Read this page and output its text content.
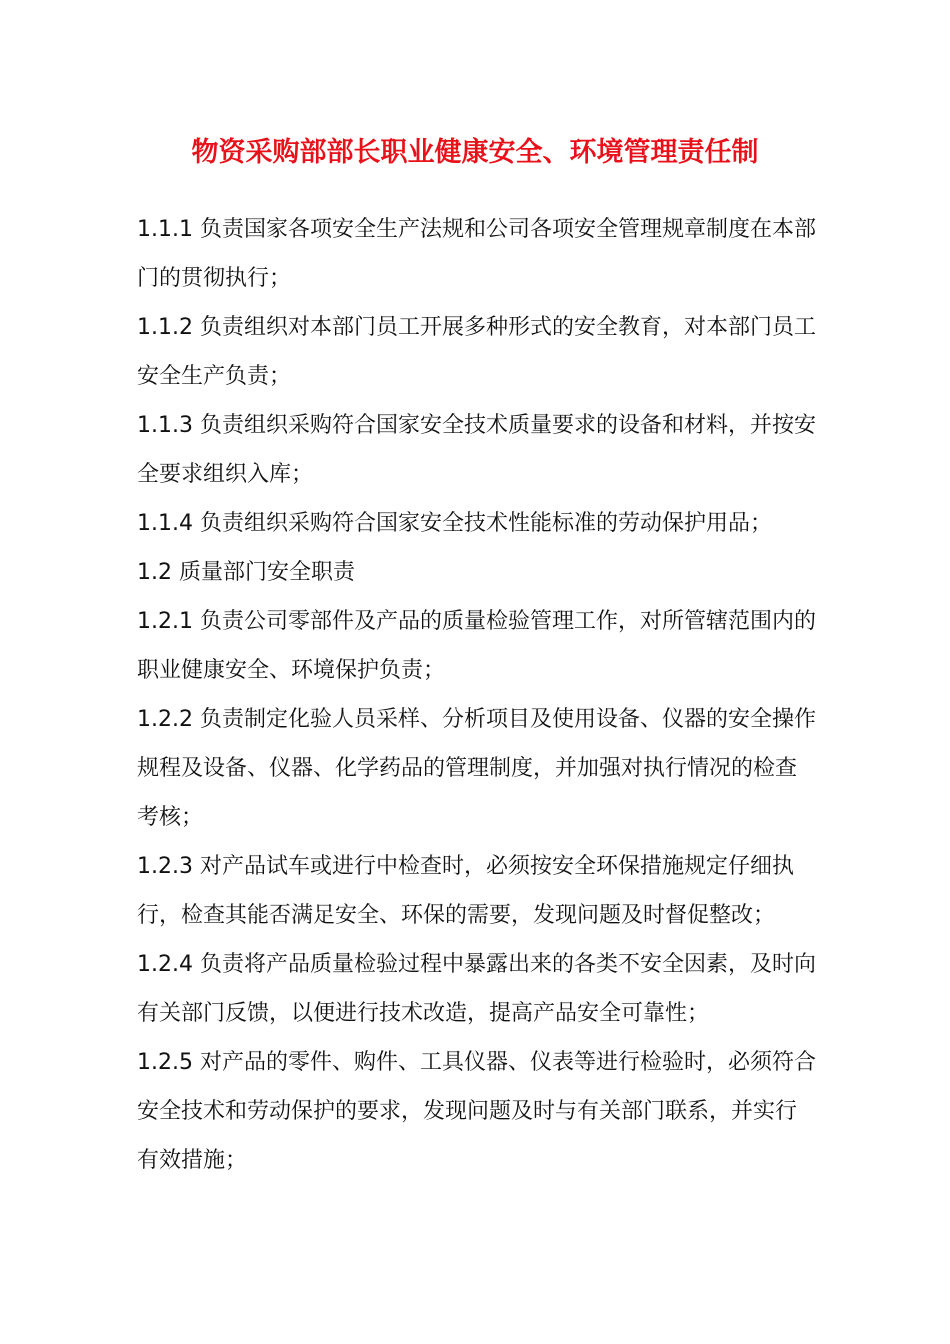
物资采购部部长职业健康安全、环境管理责任制

1.1.1 负责国家各项安全生产法规和公司各项安全管理规章制度在本部门的贯彻执行；

1.1.2 负责组织对本部门员工开展多种形式的安全教育，对本部门员工安全生产负责；

1.1.3 负责组织采购符合国家安全技术质量要求的设备和材料，并按安全要求组织入库；

1.1.4 负责组织采购符合国家安全技术性能标准的劳动保护用品；

1.2 质量部门安全职责

1.2.1 负责公司零部件及产品的质量检验管理工作，对所管辖范围内的职业健康安全、环境保护负责；

1.2.2 负责制定化验人员采样、分析项目及使用设备、仪器的安全操作规程及设备、仪器、化学药品的管理制度，并加强对执行情况的检查考核；

1.2.3 对产品试车或进行中检查时，必须按安全环保措施规定仔细执行，检查其能否满足安全、环保的需要，发现问题及时督促整改；

1.2.4 负责将产品质量检验过程中暴露出来的各类不安全因素，及时向有关部门反馈，以便进行技术改造，提高产品安全可靠性；

1.2.5 对产品的零件、购件、工具仪器、仪表等进行检验时，必须符合安全技术和劳动保护的要求，发现问题及时与有关部门联系，并实行有效措施；
